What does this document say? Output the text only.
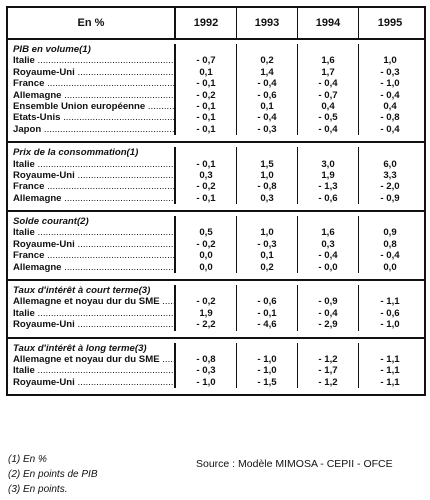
En %	1992	1993	1994	1995
PIB en volume(1)
Italie .....	- 0,7	0,2	1,6	1,0
Royaume-Uni .....	0,1	1,4	1,7	- 0,3
France .....	- 0,1	- 0,4	- 0,4	- 1,0
Allemagne .....	- 0,2	- 0,6	- 0,7	- 0,4
Ensemble Union européenne .....	- 0,1	0,1	0,4	0,4
Etats-Unis .....	- 0,1	- 0,4	- 0,5	- 0,8
Japon .....	- 0,1	- 0,3	- 0,4	- 0,4
Prix de la consommation(1)
Italie .....	- 0,1	1,5	3,0	6,0
Royaume-Uni .....	0,3	1,0	1,9	3,3
France .....	- 0,2	- 0,8	- 1,3	- 2,0
Allemagne .....	- 0,1	0,3	- 0,6	- 0,9
Solde courant(2)
Italie .....	0,5	1,0	1,6	0,9
Royaume-Uni .....	- 0,2	- 0,3	0,3	0,8
France .....	0,0	0,1	- 0,4	- 0,4
Allemagne .....	0,0	0,2	- 0,0	0,0
Taux d'intérêt à court terme(3)
Allemagne et noyau dur du SME .....	- 0,2	- 0,6	- 0,9	- 1,1
Italie .....	1,9	- 0,1	- 0,4	- 0,6
Royaume-Uni .....	- 2,2	- 4,6	- 2,9	- 1,0
Taux d'intérêt à long terme(3)
Allemagne et noyau dur du SME .....	- 0,8	- 1,0	- 1,2	- 1,1
Italie .....	- 0,3	- 1,0	- 1,7	- 1,1
Royaume-Uni .....	- 1,0	- 1,5	- 1,2	- 1,1
(1) En %
(2) En points de PIB
(3) En points.
Source : Modèle MIMOSA - CEPII - OFCE
